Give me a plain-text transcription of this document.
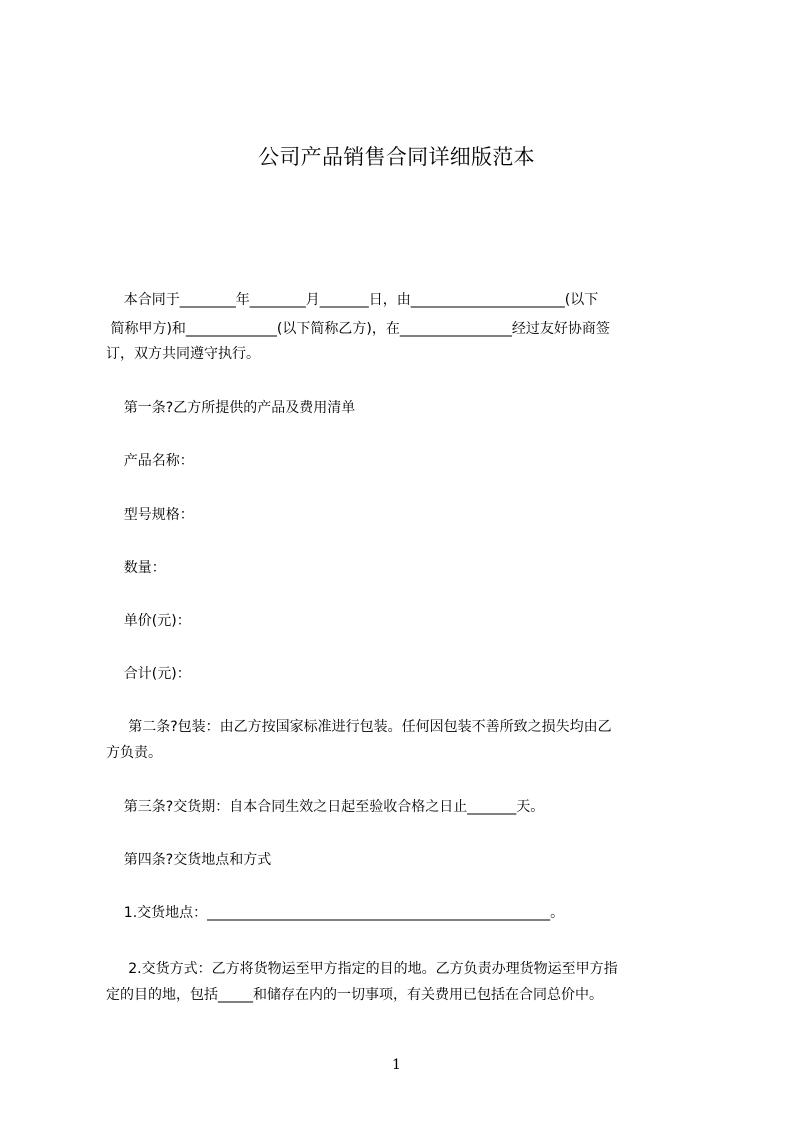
公司产品销售合同详细版范本
本合同于________年________月_______日，由______________________(以下
简称甲方)和_____________(以下简称乙方)，在________________经过友好协商签
订，双方共同遵守执行。
第一条?乙方所提供的产品及费用清单
产品名称：
型号规格：
数量：
单价(元)：
合计(元)：
第二条?包装：由乙方按国家标准进行包装。任何因包装不善所致之损失均由乙
方负责。
第三条?交货期：自本合同生效之日起至验收合格之日止_______天。
第四条?交货地点和方式
1.交货地点：_________________________________________________。
2.交货方式：乙方将货物运至甲方指定的目的地。乙方负责办理货物运至甲方指
定的目的地，包括_____和储存在内的一切事项，有关费用已包括在合同总价中。
1
